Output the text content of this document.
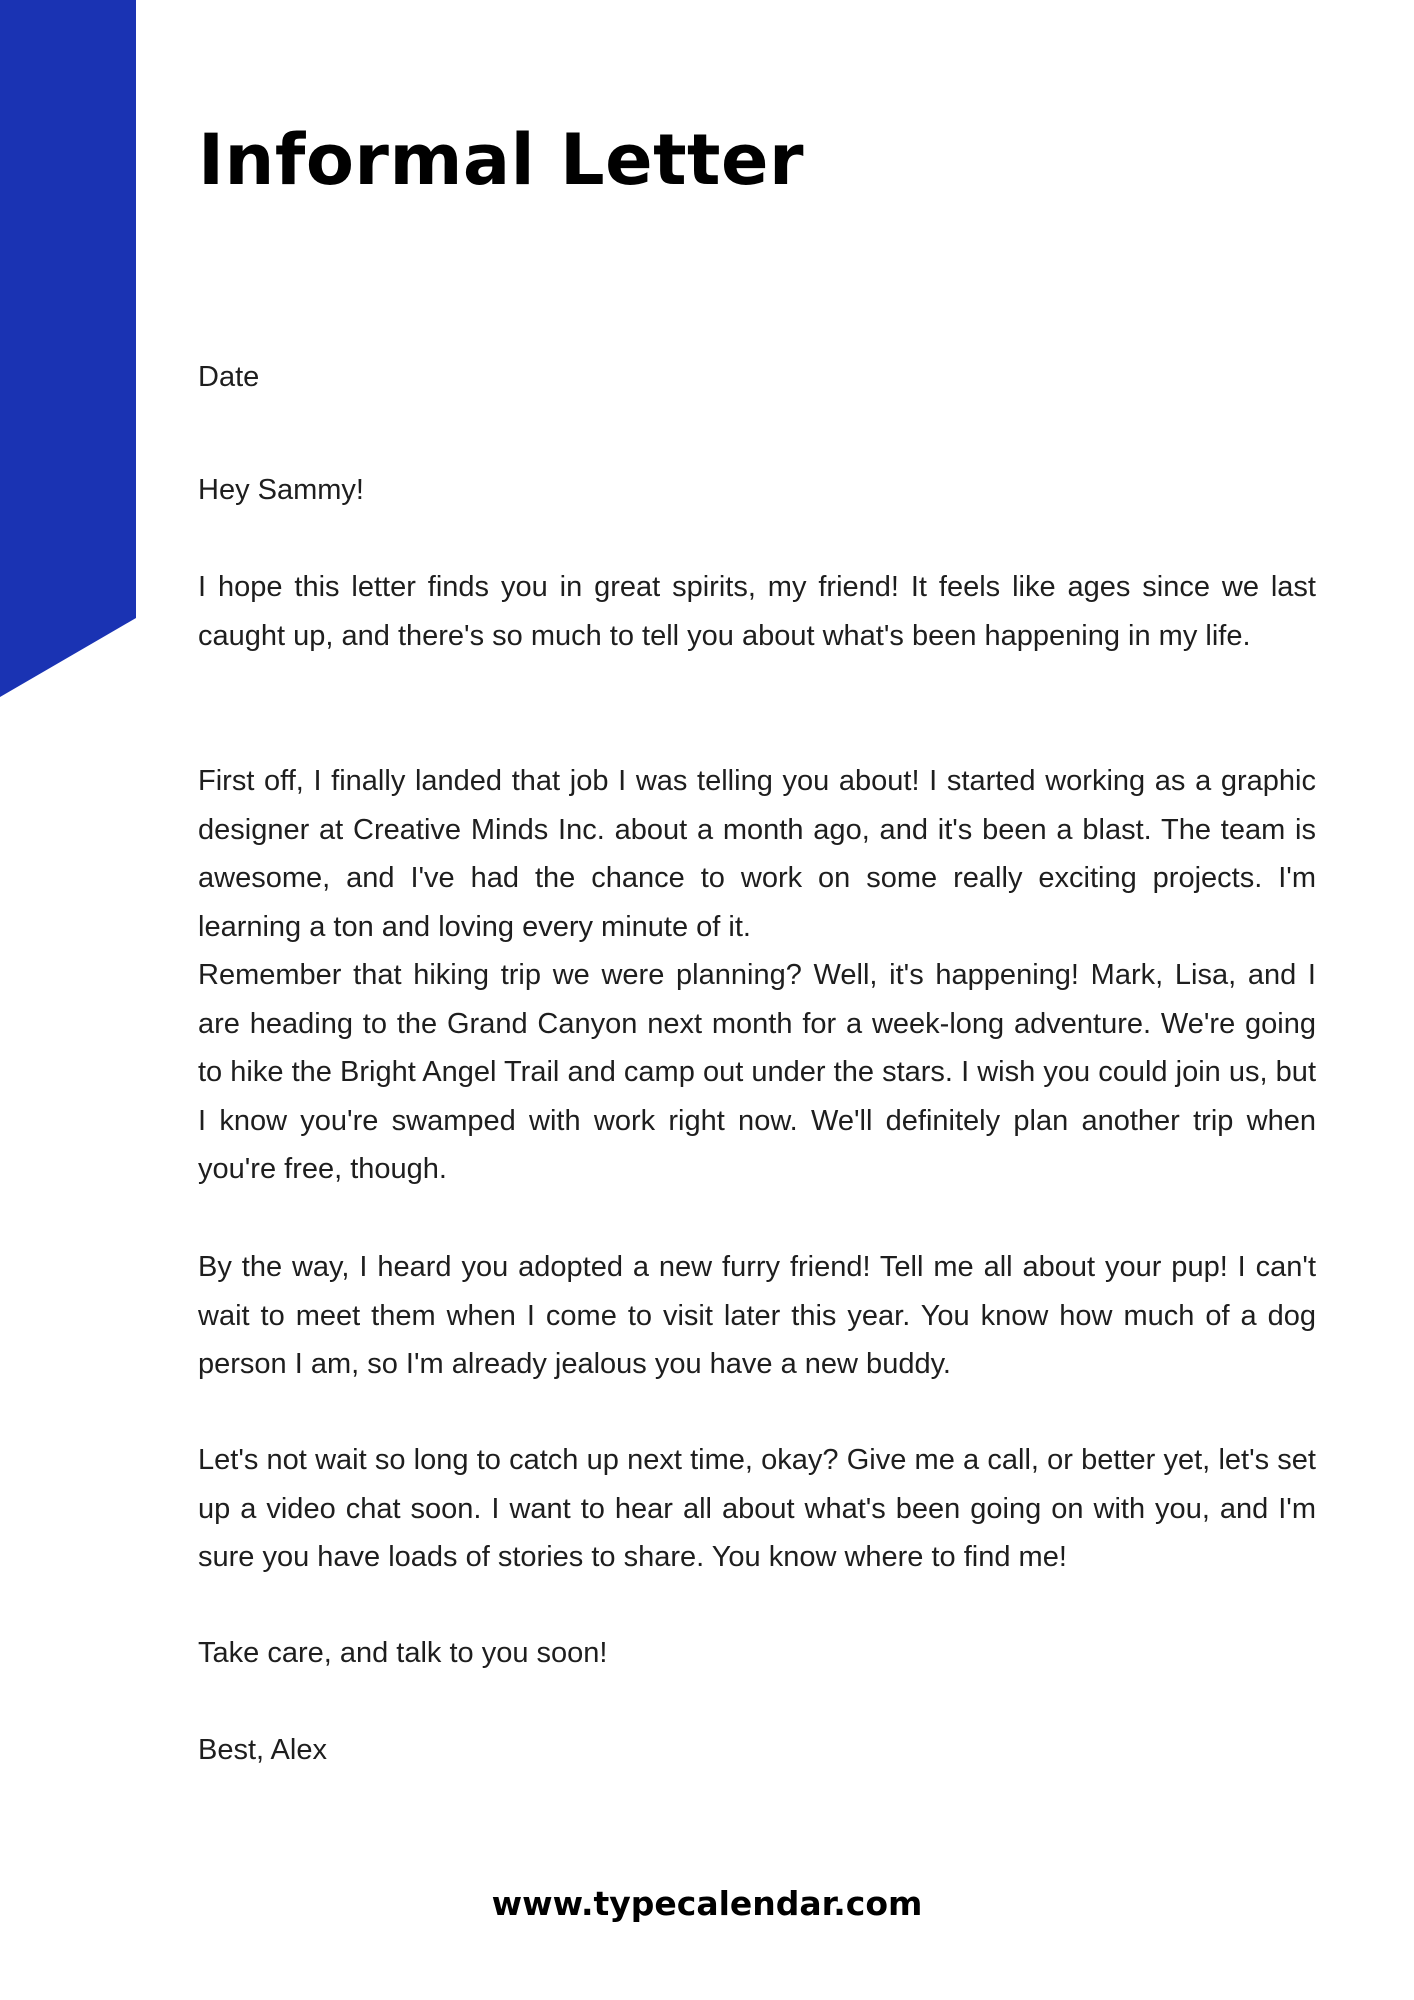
Informal Letter

Date

Hey Sammy!

I hope this letter finds you in great spirits, my friend! It feels like ages since we last caught up, and there's so much to tell you about what's been happening in my life.

First off, I finally landed that job I was telling you about! I started working as a graphic designer at Creative Minds Inc. about a month ago, and it's been a blast. The team is awesome, and I've had the chance to work on some really exciting projects. I'm learning a ton and loving every minute of it.

Remember that hiking trip we were planning? Well, it's happening! Mark, Lisa, and I are heading to the Grand Canyon next month for a week-long adventure. We're going to hike the Bright Angel Trail and camp out under the stars. I wish you could join us, but I know you're swamped with work right now. We'll definitely plan another trip when you're free, though.

By the way, I heard you adopted a new furry friend! Tell me all about your pup! I can't wait to meet them when I come to visit later this year. You know how much of a dog person I am, so I'm already jealous you have a new buddy.

Let's not wait so long to catch up next time, okay? Give me a call, or better yet, let's set up a video chat soon. I want to hear all about what's been going on with you, and I'm sure you have loads of stories to share. You know where to find me!

Take care, and talk to you soon!

Best, Alex

www.typecalendar.com
